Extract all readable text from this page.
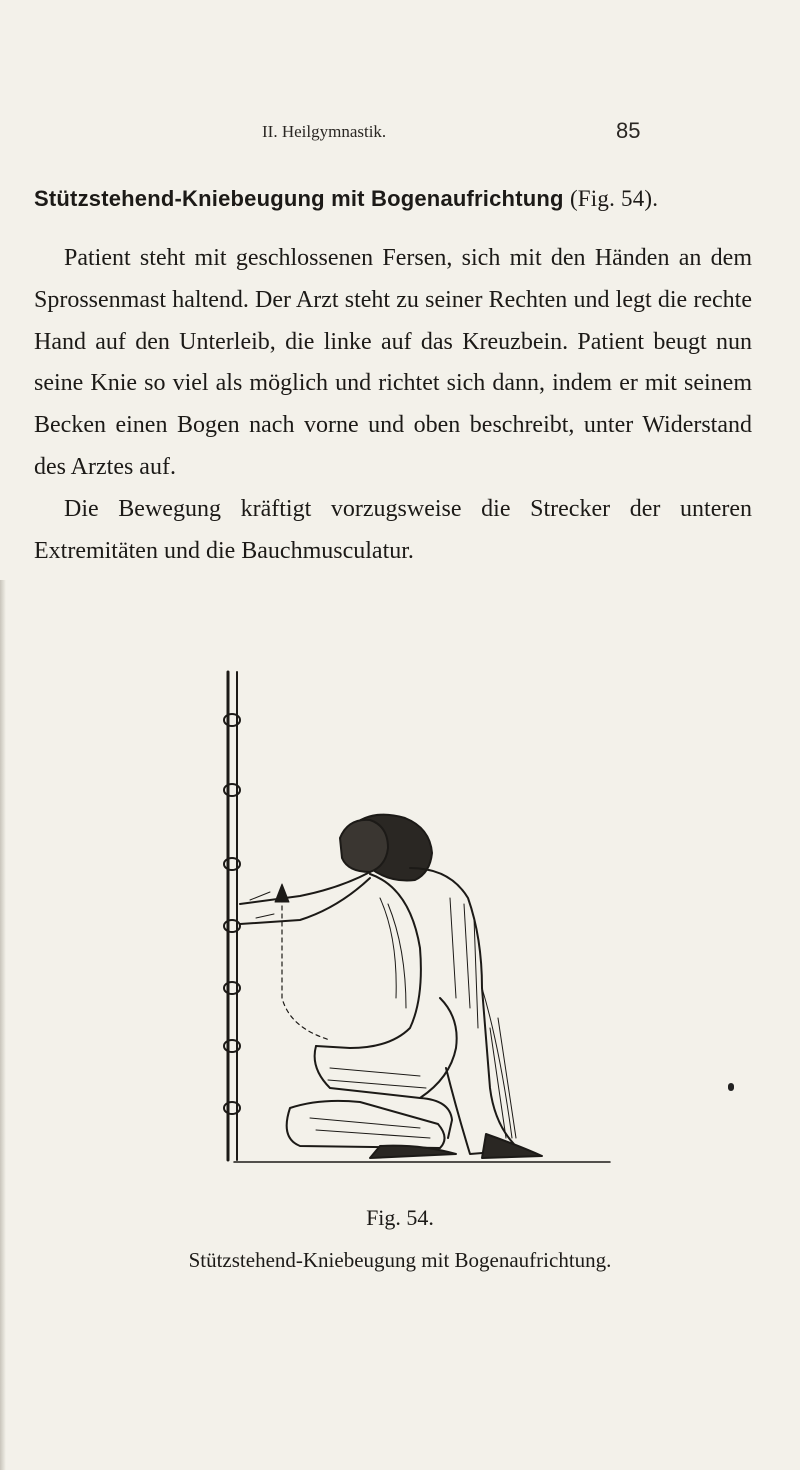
II. Heilgymnastik.	85
Stützstehend-Kniebeugung mit Bogenaufrichtung (Fig. 54).

Patient steht mit geschlossenen Fersen, sich mit den Händen an dem Sprossenmast haltend. Der Arzt steht zu seiner Rechten und legt die rechte Hand auf den Unterleib, die linke auf das Kreuzbein. Patient beugt nun seine Knie so viel als möglich und richtet sich dann, indem er mit seinem Becken einen Bogen nach vorne und oben beschreibt, unter Widerstand des Arztes auf.

Die Bewegung kräftigt vorzugsweise die Strecker der unteren Extremitäten und die Bauchmusculatur.

Fig. 54.
Stützstehend-Kniebeugung mit Bogenaufrichtung.
